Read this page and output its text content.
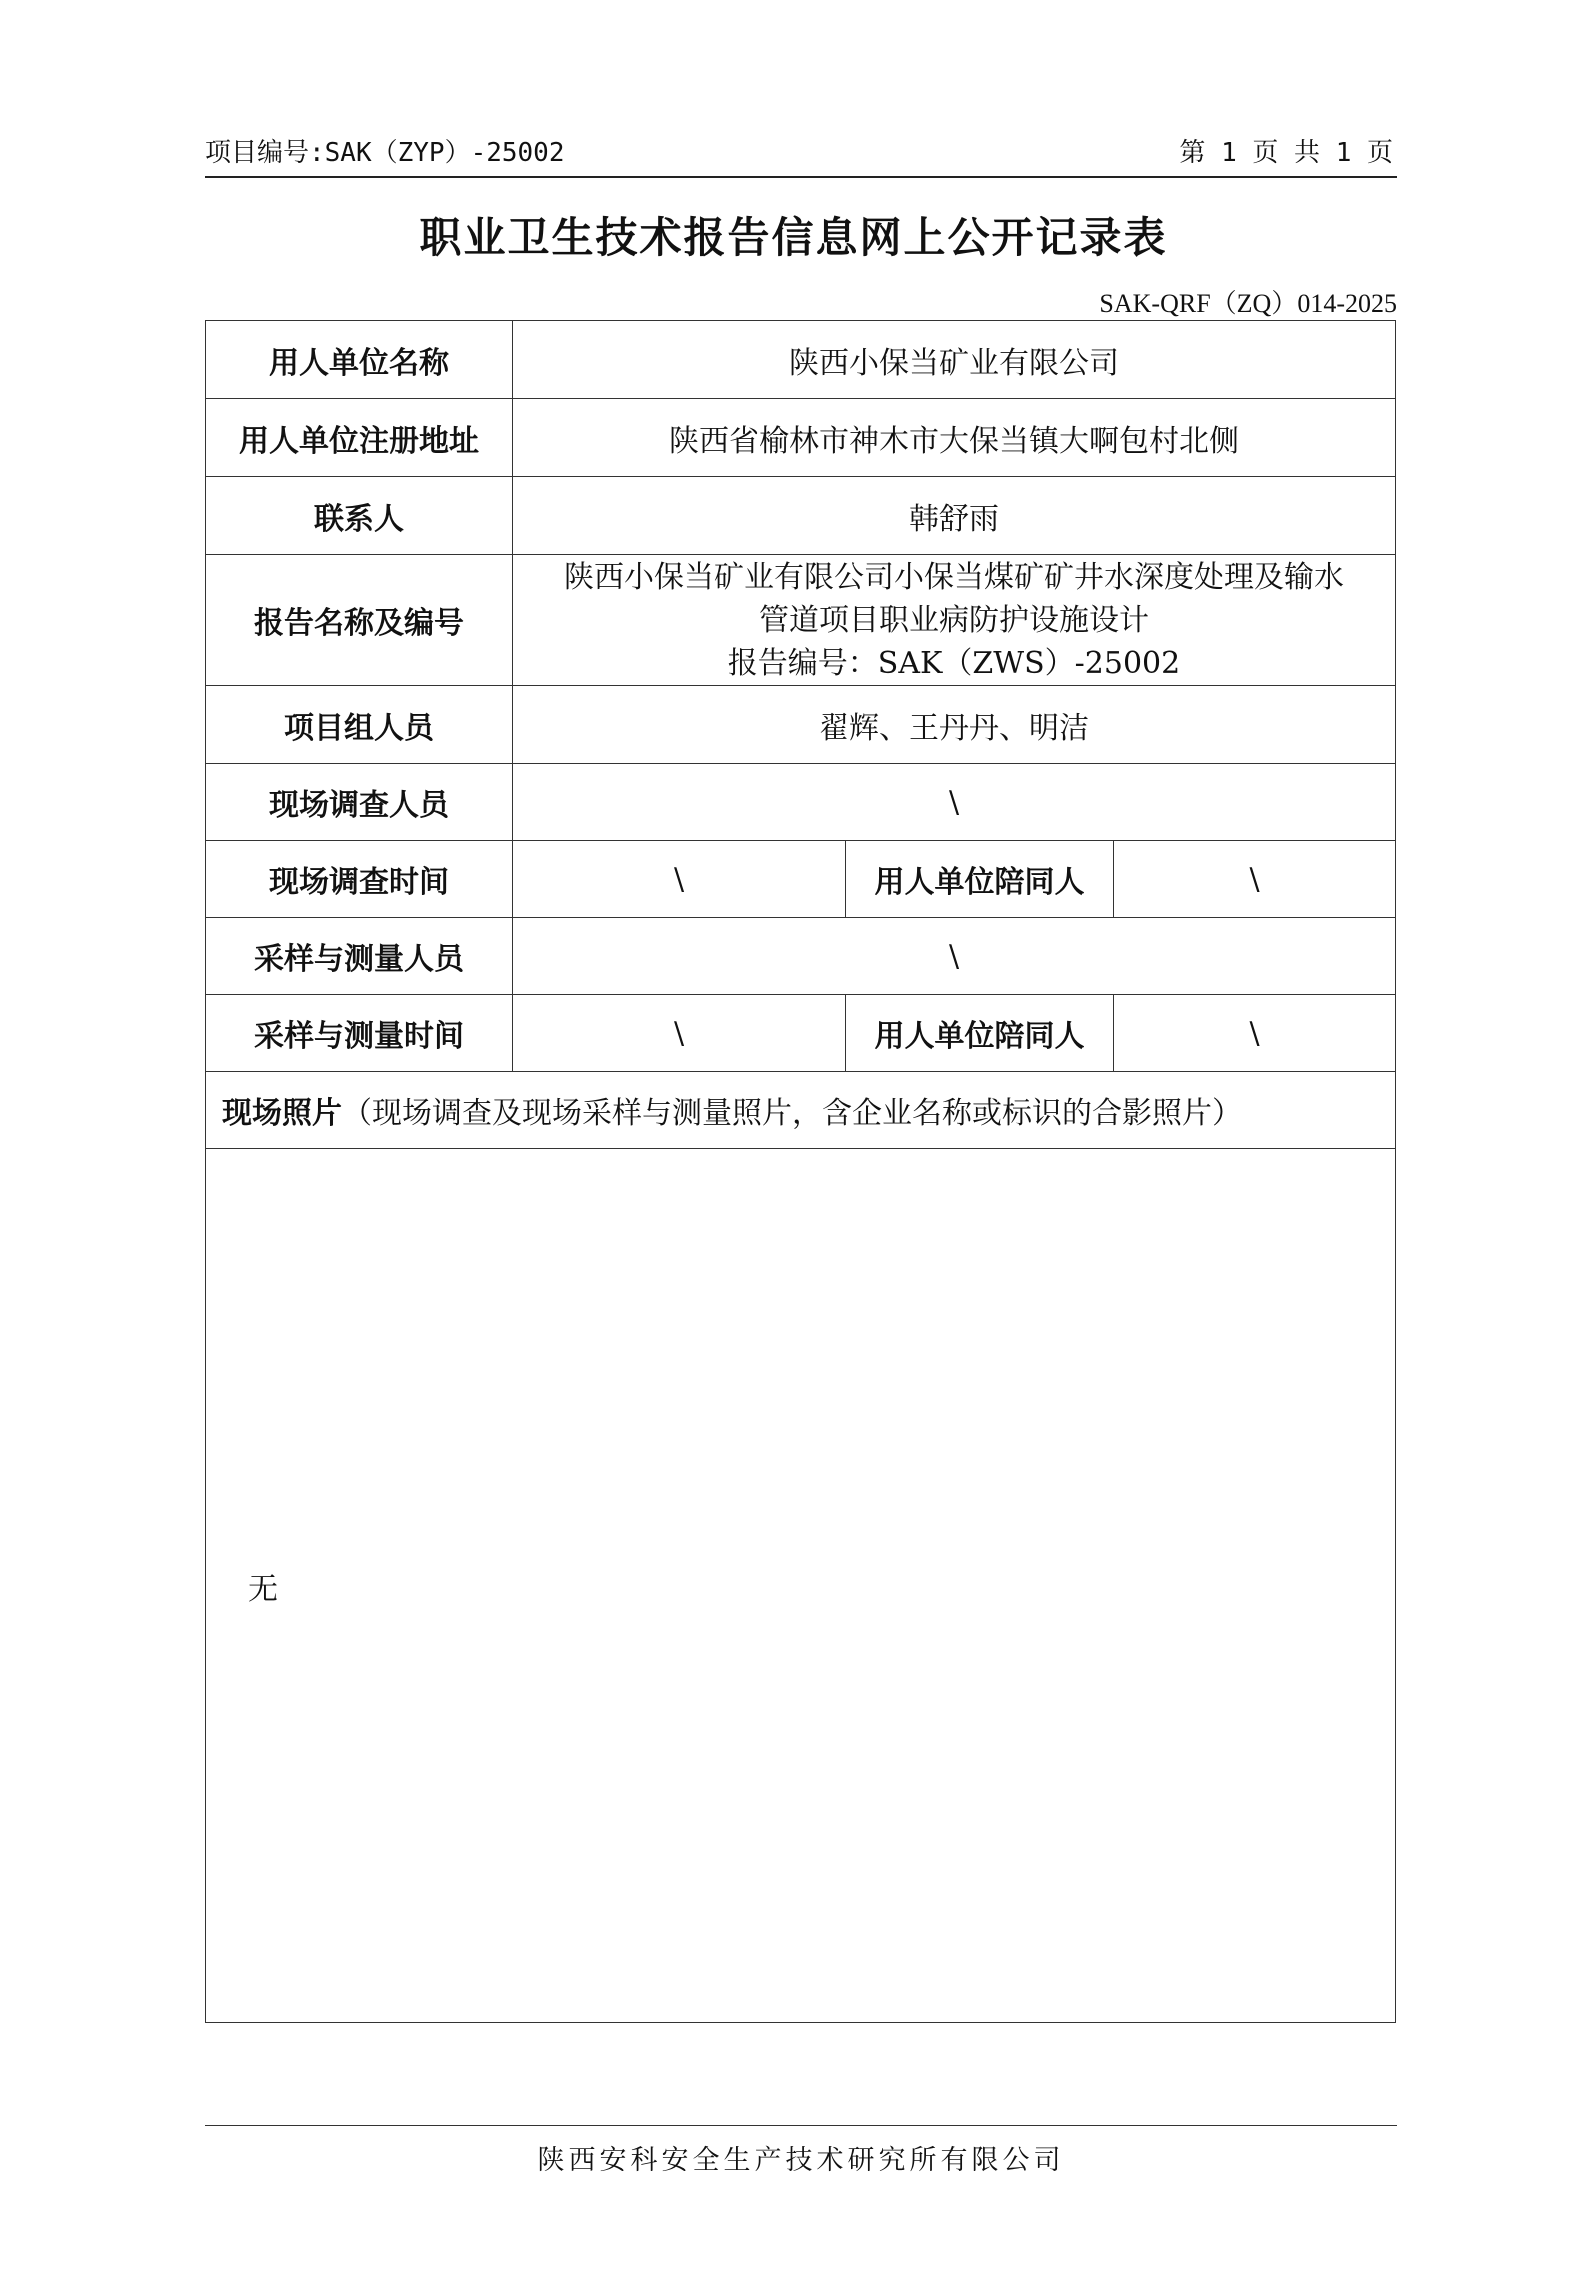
项目编号:SAK（ZYP）-25002	第 1 页 共 1 页
职业卫生技术报告信息网上公开记录表
SAK-QRF（ZQ）014-2025
用人单位名称	陕西小保当矿业有限公司		
用人单位注册地址	陕西省榆林市神木市大保当镇大啊包村北侧		
联系人	韩舒雨		
报告名称及编号	陕西小保当矿业有限公司小保当煤矿矿井水深度处理及输水
管道项目职业病防护设施设计
报告编号：SAK（ZWS）-25002		

项目组人员	翟辉、王丹丹、明洁		
现场调查人员	\		
现场调查时间	\	用人单位陪同人	\
采样与测量人员	\		
采样与测量时间	\	用人单位陪同人	\
现场照片（现场调查及现场采样与测量照片，含企业名称或标识的合影照片）			
无			
陕西安科安全生产技术研究所有限公司
